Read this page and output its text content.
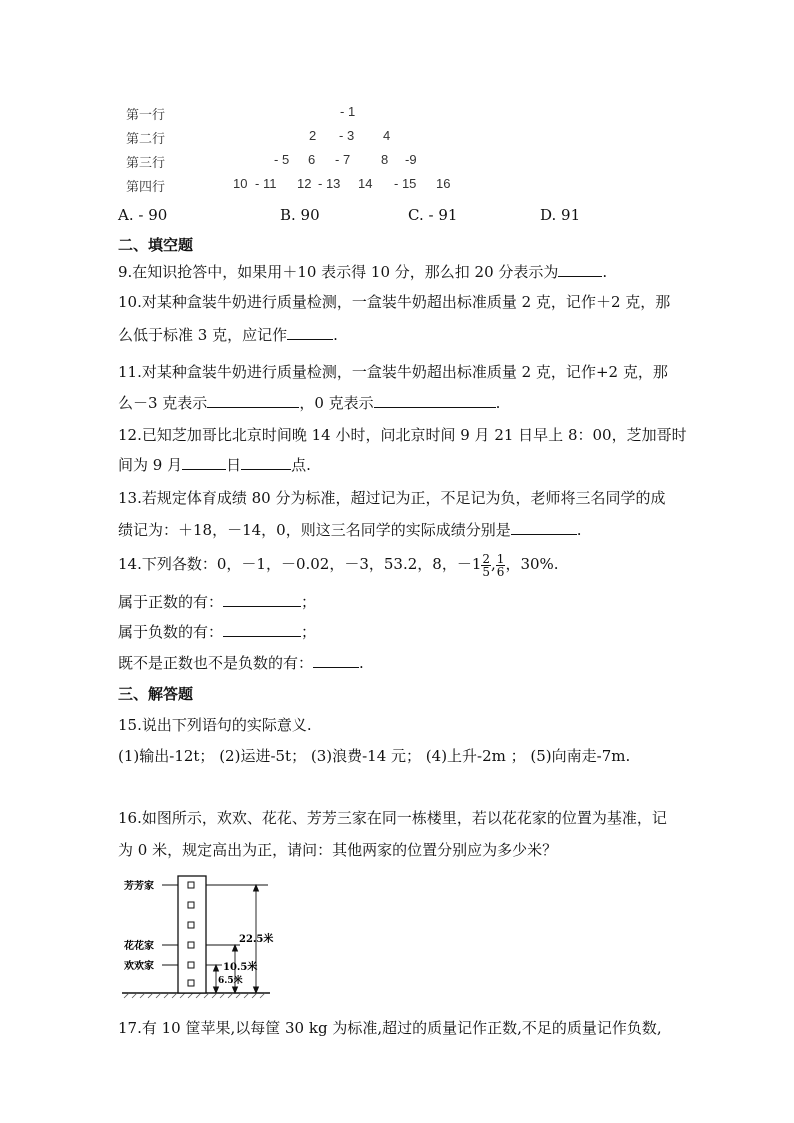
第一行	- 1
第二行	2 - 3 4
第三行	- 5 6 - 7 8 -9
第四行	10 - 11 12 - 13 14 - 15 16
A. - 90	B. 90	C. - 91	D. 91
二、填空题
9.在知识抢答中，如果用＋10 表示得 10 分，那么扣 20 分表示为	.
10.对某种盒装牛奶进行质量检测，一盒装牛奶超出标准质量 2 克，记作＋2 克，那
么低于标准 3 克，应记作	.
11.对某种盒装牛奶进行质量检测，一盒装牛奶超出标准质量 2 克，记作+2 克，那
么－3 克表示	，0 克表示	.
12.已知芝加哥比北京时间晚 14 小时，问北京时间 9 月 21 日早上 8：00，芝加哥时
间为 9 月	日	点.
13.若规定体育成绩 80 分为标准，超过记为正，不足记为负，老师将三名同学的成
绩记为：＋18，－14，0，则这三名同学的实际成绩分别是	.
14.下列各数：0，－1，－0.02，－3，53.2，8，$-1 \frac{2}{5}$ , $\frac{1}{6}$ ，30%.
属于正数的有：	；
属于负数的有：	；
既不是正数也不是负数的有：	.
三、解答题
15.说出下列语句的实际意义.
(1)输出-12t； (2)运进-5t； (3)浪费-14 元； (4)上升-2m ； (5)向南走-7m.
16.如图所示，欢欢、花花、芳芳三家在同一栋楼里，若以花花家的位置为基准，记
为 0 米，规定高出为正，请问：其他两家的位置分别应为多少米？
芳芳家
花花家
欢欢家
22.5米
10.5米
6.5米
17.有 10 筐苹果,以每筐 30 kg 为标准,超过的质量记作正数,不足的质量记作负数,
